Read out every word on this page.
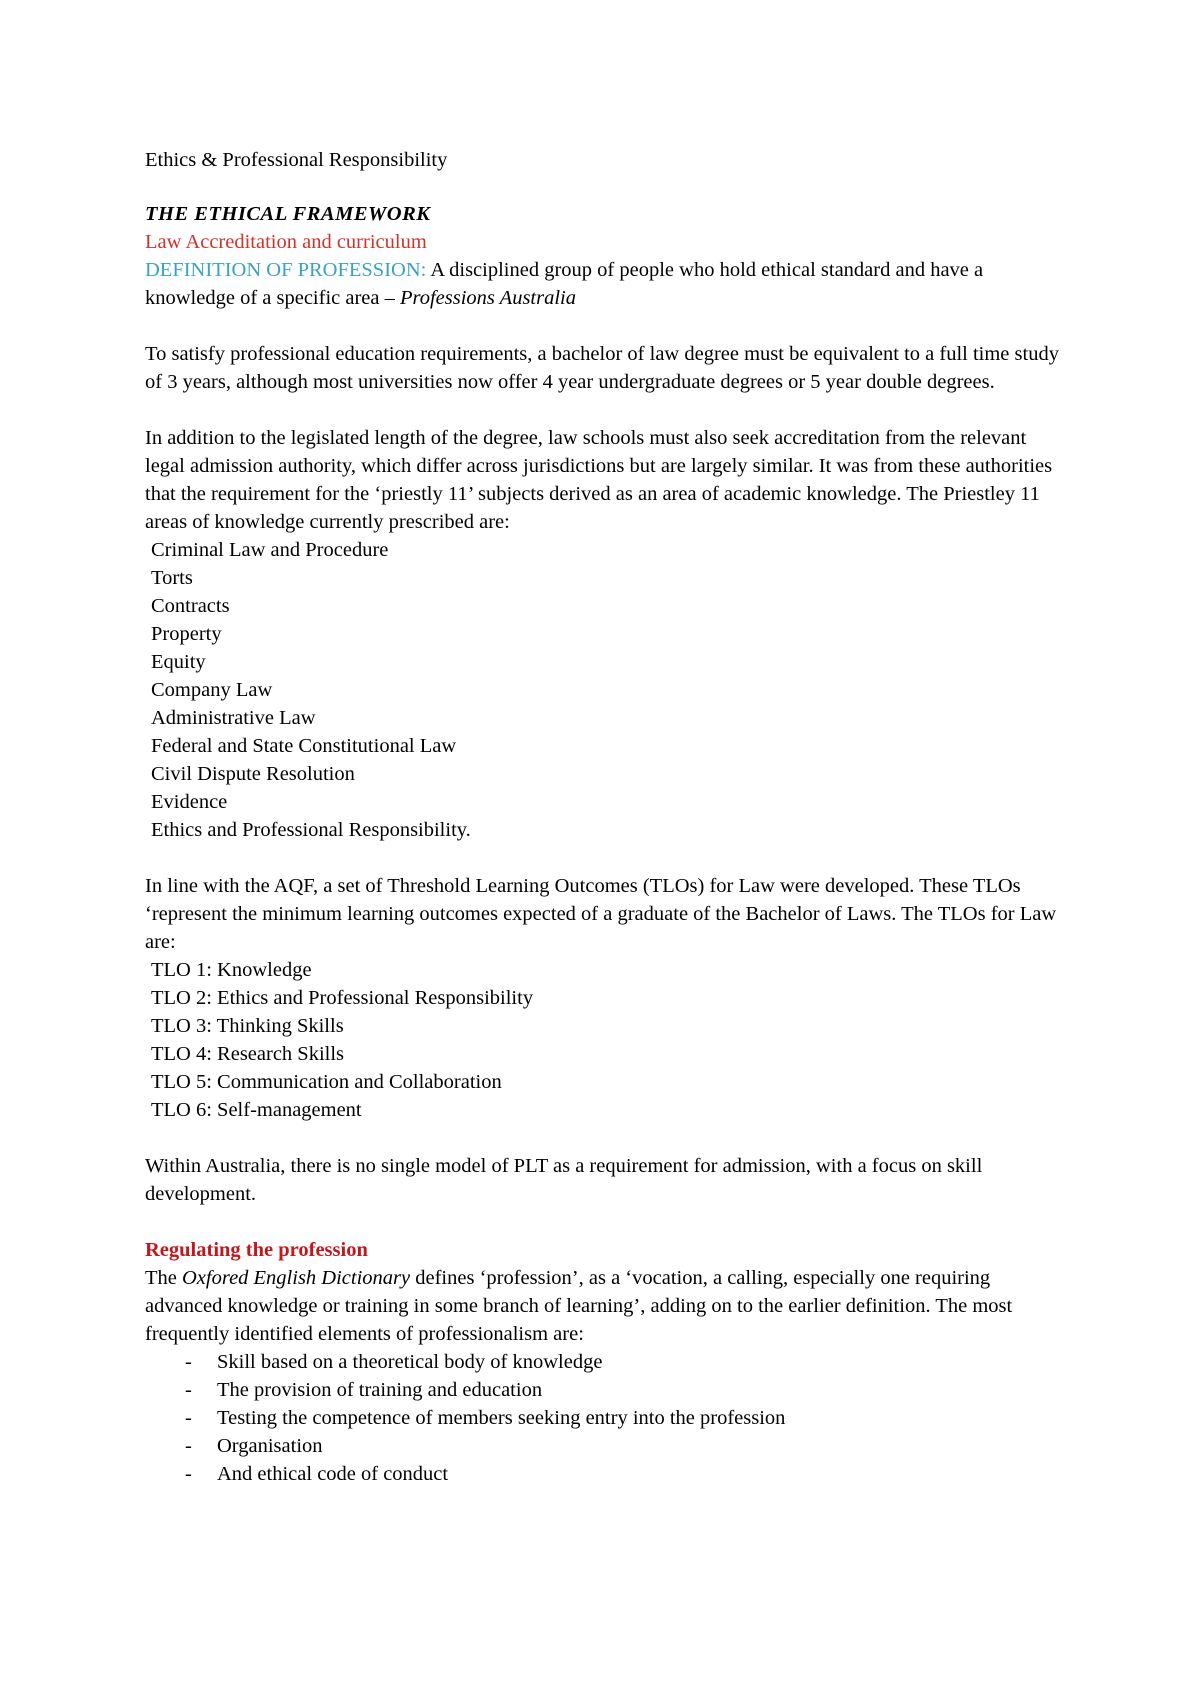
Ethics & Professional Responsibility

THE ETHICAL FRAMEWORK

Law Accreditation and curriculum

DEFINITION OF PROFESSION: A disciplined group of people who hold ethical standard and have a knowledge of a specific area – Professions Australia

To satisfy professional education requirements, a bachelor of law degree must be equivalent to a full time study of 3 years, although most universities now offer 4 year undergraduate degrees or 5 year double degrees.

In addition to the legislated length of the degree, law schools must also seek accreditation from the relevant legal admission authority, which differ across jurisdictions but are largely similar. It was from these authorities that the requirement for the ‘priestly 11’ subjects derived as an area of academic knowledge. The Priestley 11 areas of knowledge currently prescribed are:

Criminal Law and Procedure
Torts
Contracts
Property
Equity
Company Law
Administrative Law
Federal and State Constitutional Law
Civil Dispute Resolution
Evidence
Ethics and Professional Responsibility.

In line with the AQF, a set of Threshold Learning Outcomes (TLOs) for Law were developed. These TLOs ‘represent the minimum learning outcomes expected of a graduate of the Bachelor of Laws. The TLOs for Law are:

TLO 1: Knowledge
TLO 2: Ethics and Professional Responsibility
TLO 3: Thinking Skills
TLO 4: Research Skills
TLO 5: Communication and Collaboration
TLO 6: Self-management

Within Australia, there is no single model of PLT as a requirement for admission, with a focus on skill development.

Regulating the profession

The Oxfored English Dictionary defines ‘profession’, as a ‘vocation, a calling, especially one requiring advanced knowledge or training in some branch of learning’, adding on to the earlier definition. The most frequently identified elements of professionalism are:

- Skill based on a theoretical body of knowledge
- The provision of training and education
- Testing the competence of members seeking entry into the profession
- Organisation
- And ethical code of conduct
